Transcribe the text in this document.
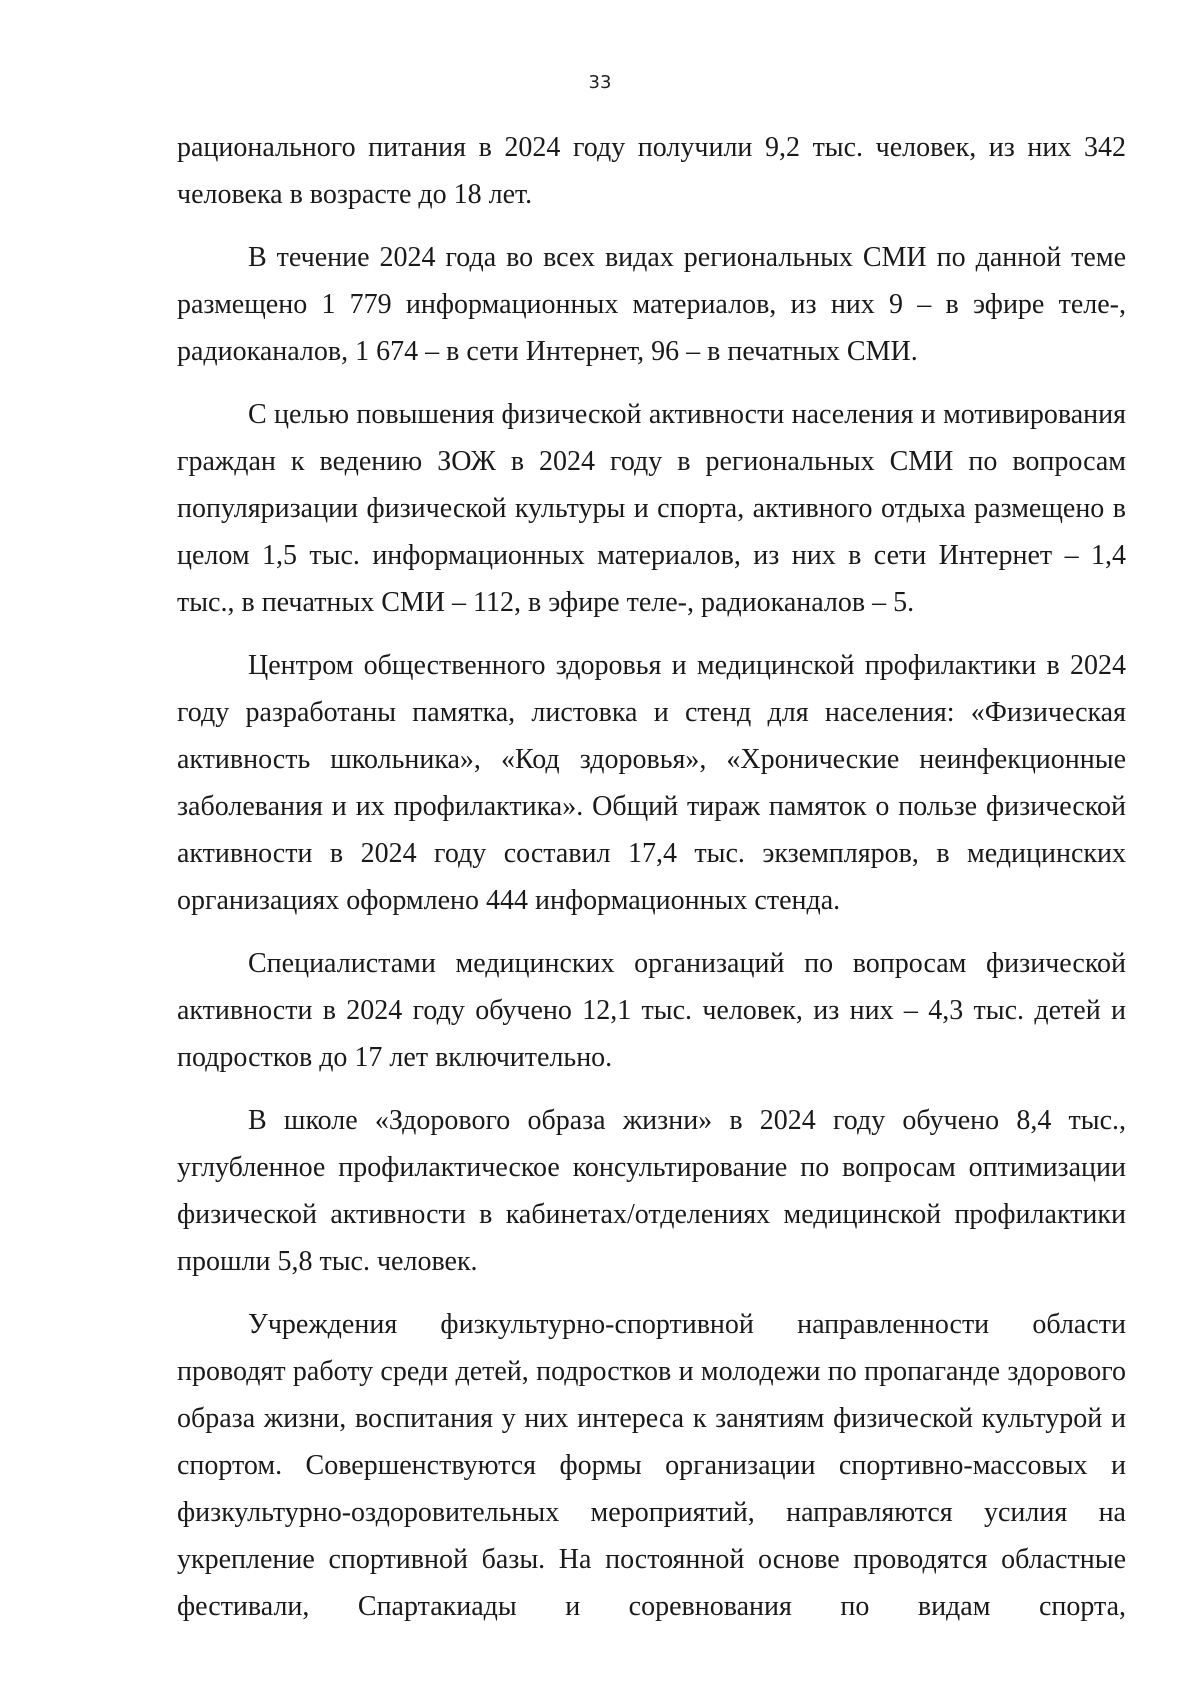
33

рационального питания в 2024 году получили 9,2 тыс. человек, из них 342 человека в возрасте до 18 лет.

В течение 2024 года во всех видах региональных СМИ по данной теме размещено 1 779 информационных материалов, из них 9 – в эфире теле-, радиоканалов, 1 674 – в сети Интернет, 96 – в печатных СМИ.

С целью повышения физической активности населения и мотивирования граждан к ведению ЗОЖ в 2024 году в региональных СМИ по вопросам популяризации физической культуры и спорта, активного отдыха размещено в целом 1,5 тыс. информационных материалов, из них в сети Интернет – 1,4 тыс., в печатных СМИ – 112, в эфире теле-, радиоканалов – 5.

Центром общественного здоровья и медицинской профилактики в 2024 году разработаны памятка, листовка и стенд для населения: «Физическая активность школьника», «Код здоровья», «Хронические неинфекционные заболевания и их профилактика». Общий тираж памяток о пользе физической активности в 2024 году составил 17,4 тыс. экземпляров, в медицинских организациях оформлено 444 информационных стенда.

Специалистами медицинских организаций по вопросам физической активности в 2024 году обучено 12,1 тыс. человек, из них – 4,3 тыс. детей и подростков до 17 лет включительно.

В школе «Здорового образа жизни» в 2024 году обучено 8,4 тыс., углубленное профилактическое консультирование по вопросам оптимизации физической активности в кабинетах/отделениях медицинской профилактики прошли 5,8 тыс. человек.

Учреждения физкультурно-спортивной направленности области проводят работу среди детей, подростков и молодежи по пропаганде здорового образа жизни, воспитания у них интереса к занятиям физической культурой и спортом. Совершенствуются формы организации спортивно-массовых и физкультурно-оздоровительных мероприятий, направляются усилия на укрепление спортивной базы. На постоянной основе проводятся областные фестивали, Спартакиады и соревнования по видам спорта,
